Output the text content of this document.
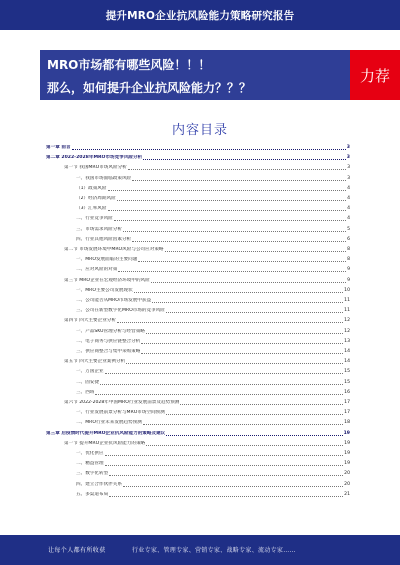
提升MRO企业抗风险能力策略研究报告
MRO市场都有哪些风险！！！
那么，如何提升企业抗风险能力？？？
力荐
内容目录
第一章 前言	3
第二章 2022-2028年MRO市场竞争风险分析	3
第一节 我国MRO市场风险分析	3
一、我国市场面临政策风险	3
（1）政策风险	4
（2）经济周期风险	4
（3）汇率风险	4
二、行业竞争风险	4
三、市场需求风险分析	5
四、行业其他风险因素分析	6
第二节 市场发展环境中MRO风险与公司应对策略	8
一、MRO发展面临的主要问题	8
二、应对风险的对策	9
第三节 MRO企业在宏观经济环境中的风险	9
一、MRO主要公司发展现状	10
二、公司能否从MRO市场发展中获益	11
三、公司在新型数字化MRO市场的竞争风险	11
第四节 四大主要企业分析	12
一、产品SKU管理分析与经营策略	12
二、电子商务与供应链整合分析	13
三、供应商整合与集中采购策略	14
第五节 四大主要企业案例分析	14
一、万国企业	15
二、固安捷	15
三、西域	16
第六节 2022-2028年中国MRO行业发展前景及趋势预测	17
一、行业发展前景分析与MRO市场空间预测	17
二、MRO行业未来发展趋势预测	18
第三章 后疫情时代提升MRO企业抗风险能力的策略及建议	19
第一节 提升MRO企业抗风险能力的策略	19
一、优化供应	19
二、精益管理	19
三、数字化转型	20
四、建立合作伙伴关系	20
五、多渠道布局	21
让每个人都有所收获	行业专家、管理专家、营销专家、战略专家、流动专家……
